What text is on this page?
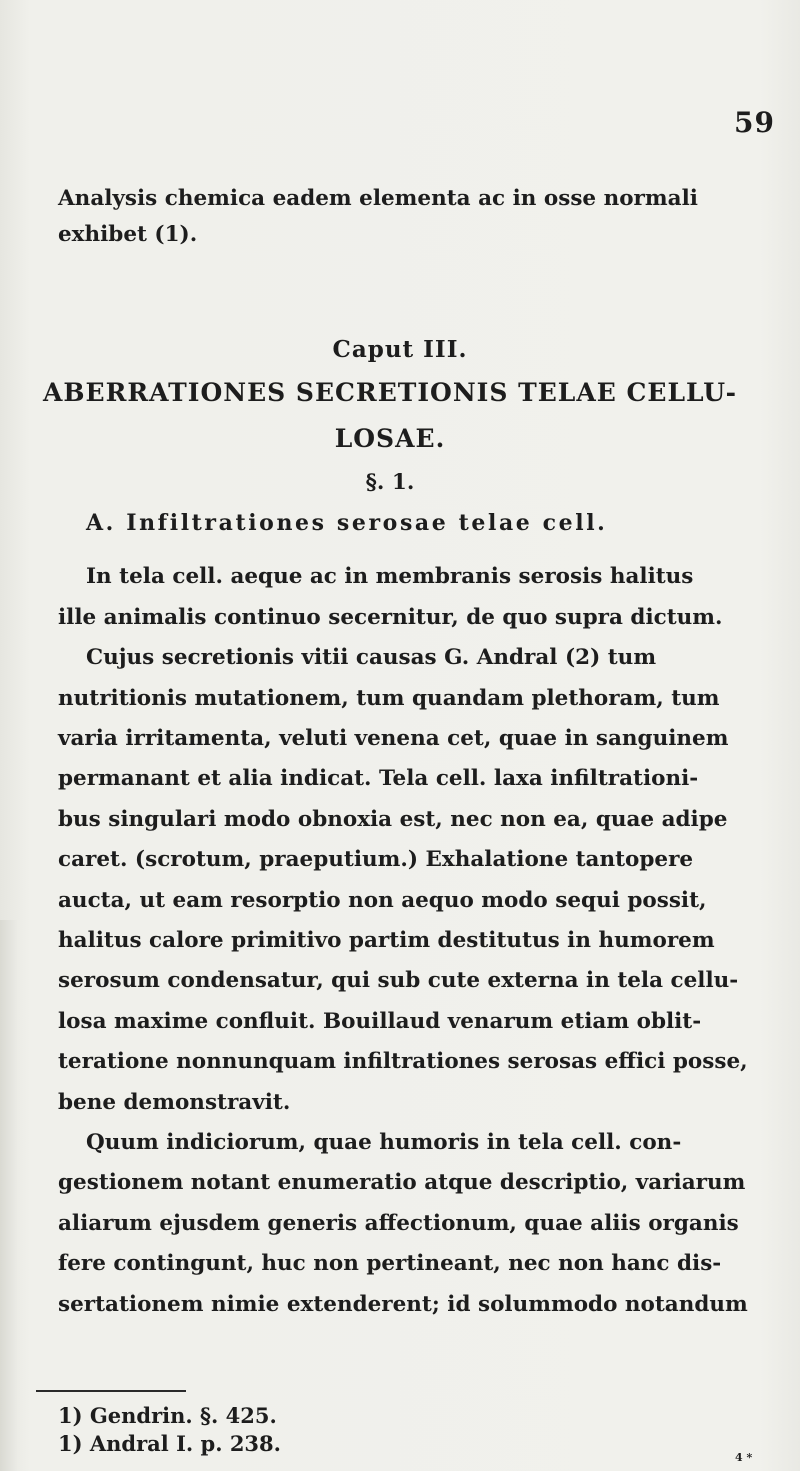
59
Analysis chemica eadem elementa ac in osse normali
exhibet (1).
Caput III.
ABERRATIONES SECRETIONIS TELAE CELLU-
LOSAE.
§. 1.
A. Infiltrationes serosae telae cell.
In tela cell. aeque ac in membranis serosis halitus
ille animalis continuo secernitur, de quo supra dictum.
Cujus secretionis vitii causas G. Andral (2) tum
nutritionis mutationem, tum quandam plethoram, tum
varia irritamenta, veluti venena cet, quae in sanguinem
permanant et alia indicat. Tela cell. laxa infiltrationi-
bus singulari modo obnoxia est, nec non ea, quae adipe
caret. (scrotum, praeputium.) Exhalatione tantopere
aucta, ut eam resorptio non aequo modo sequi possit,
halitus calore primitivo partim destitutus in humorem
serosum condensatur, qui sub cute externa in tela cellu-
losa maxime confluit. Bouillaud venarum etiam oblit-
teratione nonnunquam infiltrationes serosas effici posse,
bene demonstravit.
Quum indiciorum, quae humoris in tela cell. con-
gestionem notant enumeratio atque descriptio, variarum
aliarum ejusdem generis affectionum, quae aliis organis
fere contingunt, huc non pertineant, nec non hanc dis-
sertationem nimie extenderent; id solummodo notandum
1) Gendrin. §. 425.
1) Andral I. p. 238.
4 *
